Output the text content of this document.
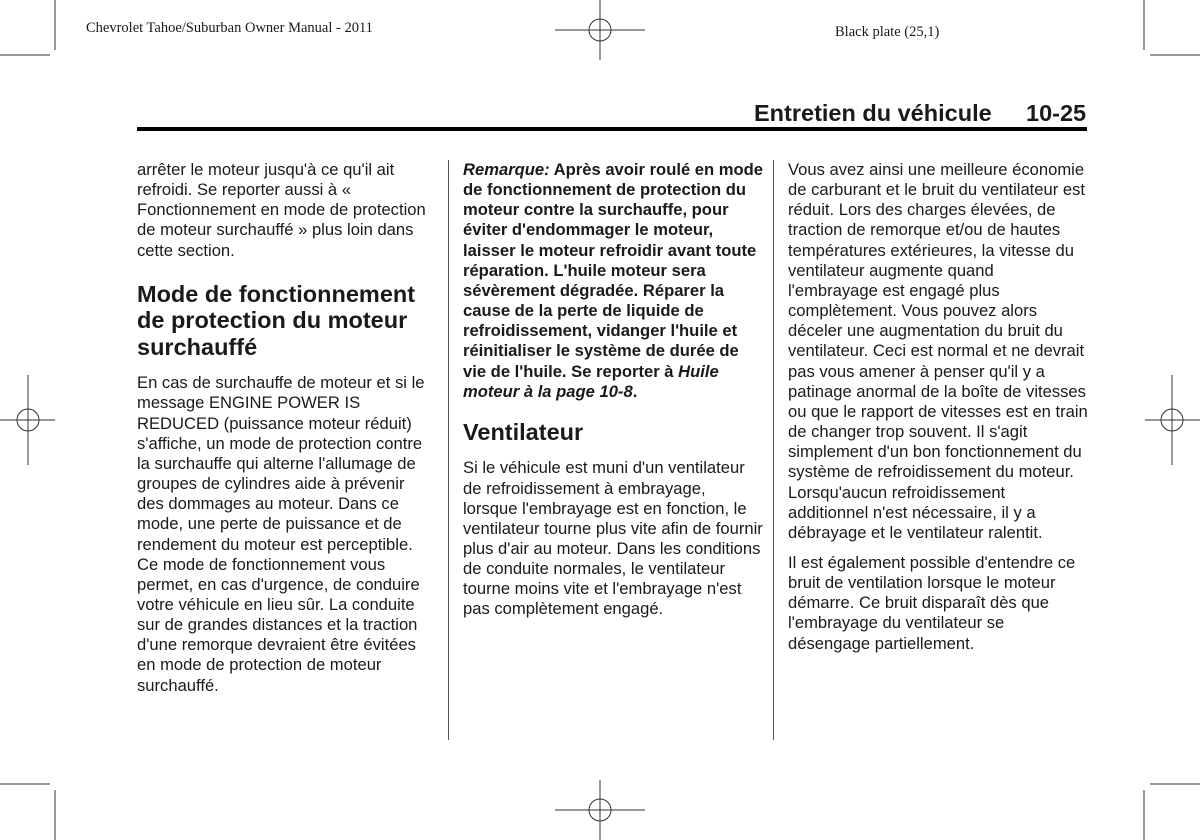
Chevrolet Tahoe/Suburban Owner Manual - 2011	Black plate (25,1)
Entretien du véhicule 10-25

arrêter le moteur jusqu'à ce qu'il ait refroidi. Se reporter aussi à « Fonctionnement en mode de protection de moteur surchauffé » plus loin dans cette section.

Mode de fonctionnement de protection du moteur surchauffé

En cas de surchauffe de moteur et si le message ENGINE POWER IS REDUCED (puissance moteur réduit) s'affiche, un mode de protection contre la surchauffe qui alterne l'allumage de groupes de cylindres aide à prévenir des dommages au moteur. Dans ce mode, une perte de puissance et de rendement du moteur est perceptible. Ce mode de fonctionnement vous permet, en cas d'urgence, de conduire votre véhicule en lieu sûr. La conduite sur de grandes distances et la traction d'une remorque devraient être évitées en mode de protection de moteur surchauffé.

Remarque: Après avoir roulé en mode de fonctionnement de protection du moteur contre la surchauffe, pour éviter d'endommager le moteur, laisser le moteur refroidir avant toute réparation. L'huile moteur sera sévèrement dégradée. Réparer la cause de la perte de liquide de refroidissement, vidanger l'huile et réinitialiser le système de durée de vie de l'huile. Se reporter à Huile moteur à la page 10-8.

Ventilateur

Si le véhicule est muni d'un ventilateur de refroidissement à embrayage, lorsque l'embrayage est en fonction, le ventilateur tourne plus vite afin de fournir plus d'air au moteur. Dans les conditions de conduite normales, le ventilateur tourne moins vite et l'embrayage n'est pas complètement engagé.

Vous avez ainsi une meilleure économie de carburant et le bruit du ventilateur est réduit. Lors des charges élevées, de traction de remorque et/ou de hautes températures extérieures, la vitesse du ventilateur augmente quand l'embrayage est engagé plus complètement. Vous pouvez alors déceler une augmentation du bruit du ventilateur. Ceci est normal et ne devrait pas vous amener à penser qu'il y a patinage anormal de la boîte de vitesses ou que le rapport de vitesses est en train de changer trop souvent. Il s'agit simplement d'un bon fonctionnement du système de refroidissement du moteur. Lorsqu'aucun refroidissement additionnel n'est nécessaire, il y a débrayage et le ventilateur ralentit.

Il est également possible d'entendre ce bruit de ventilation lorsque le moteur démarre. Ce bruit disparaît dès que l'embrayage du ventilateur se désengage partiellement.
